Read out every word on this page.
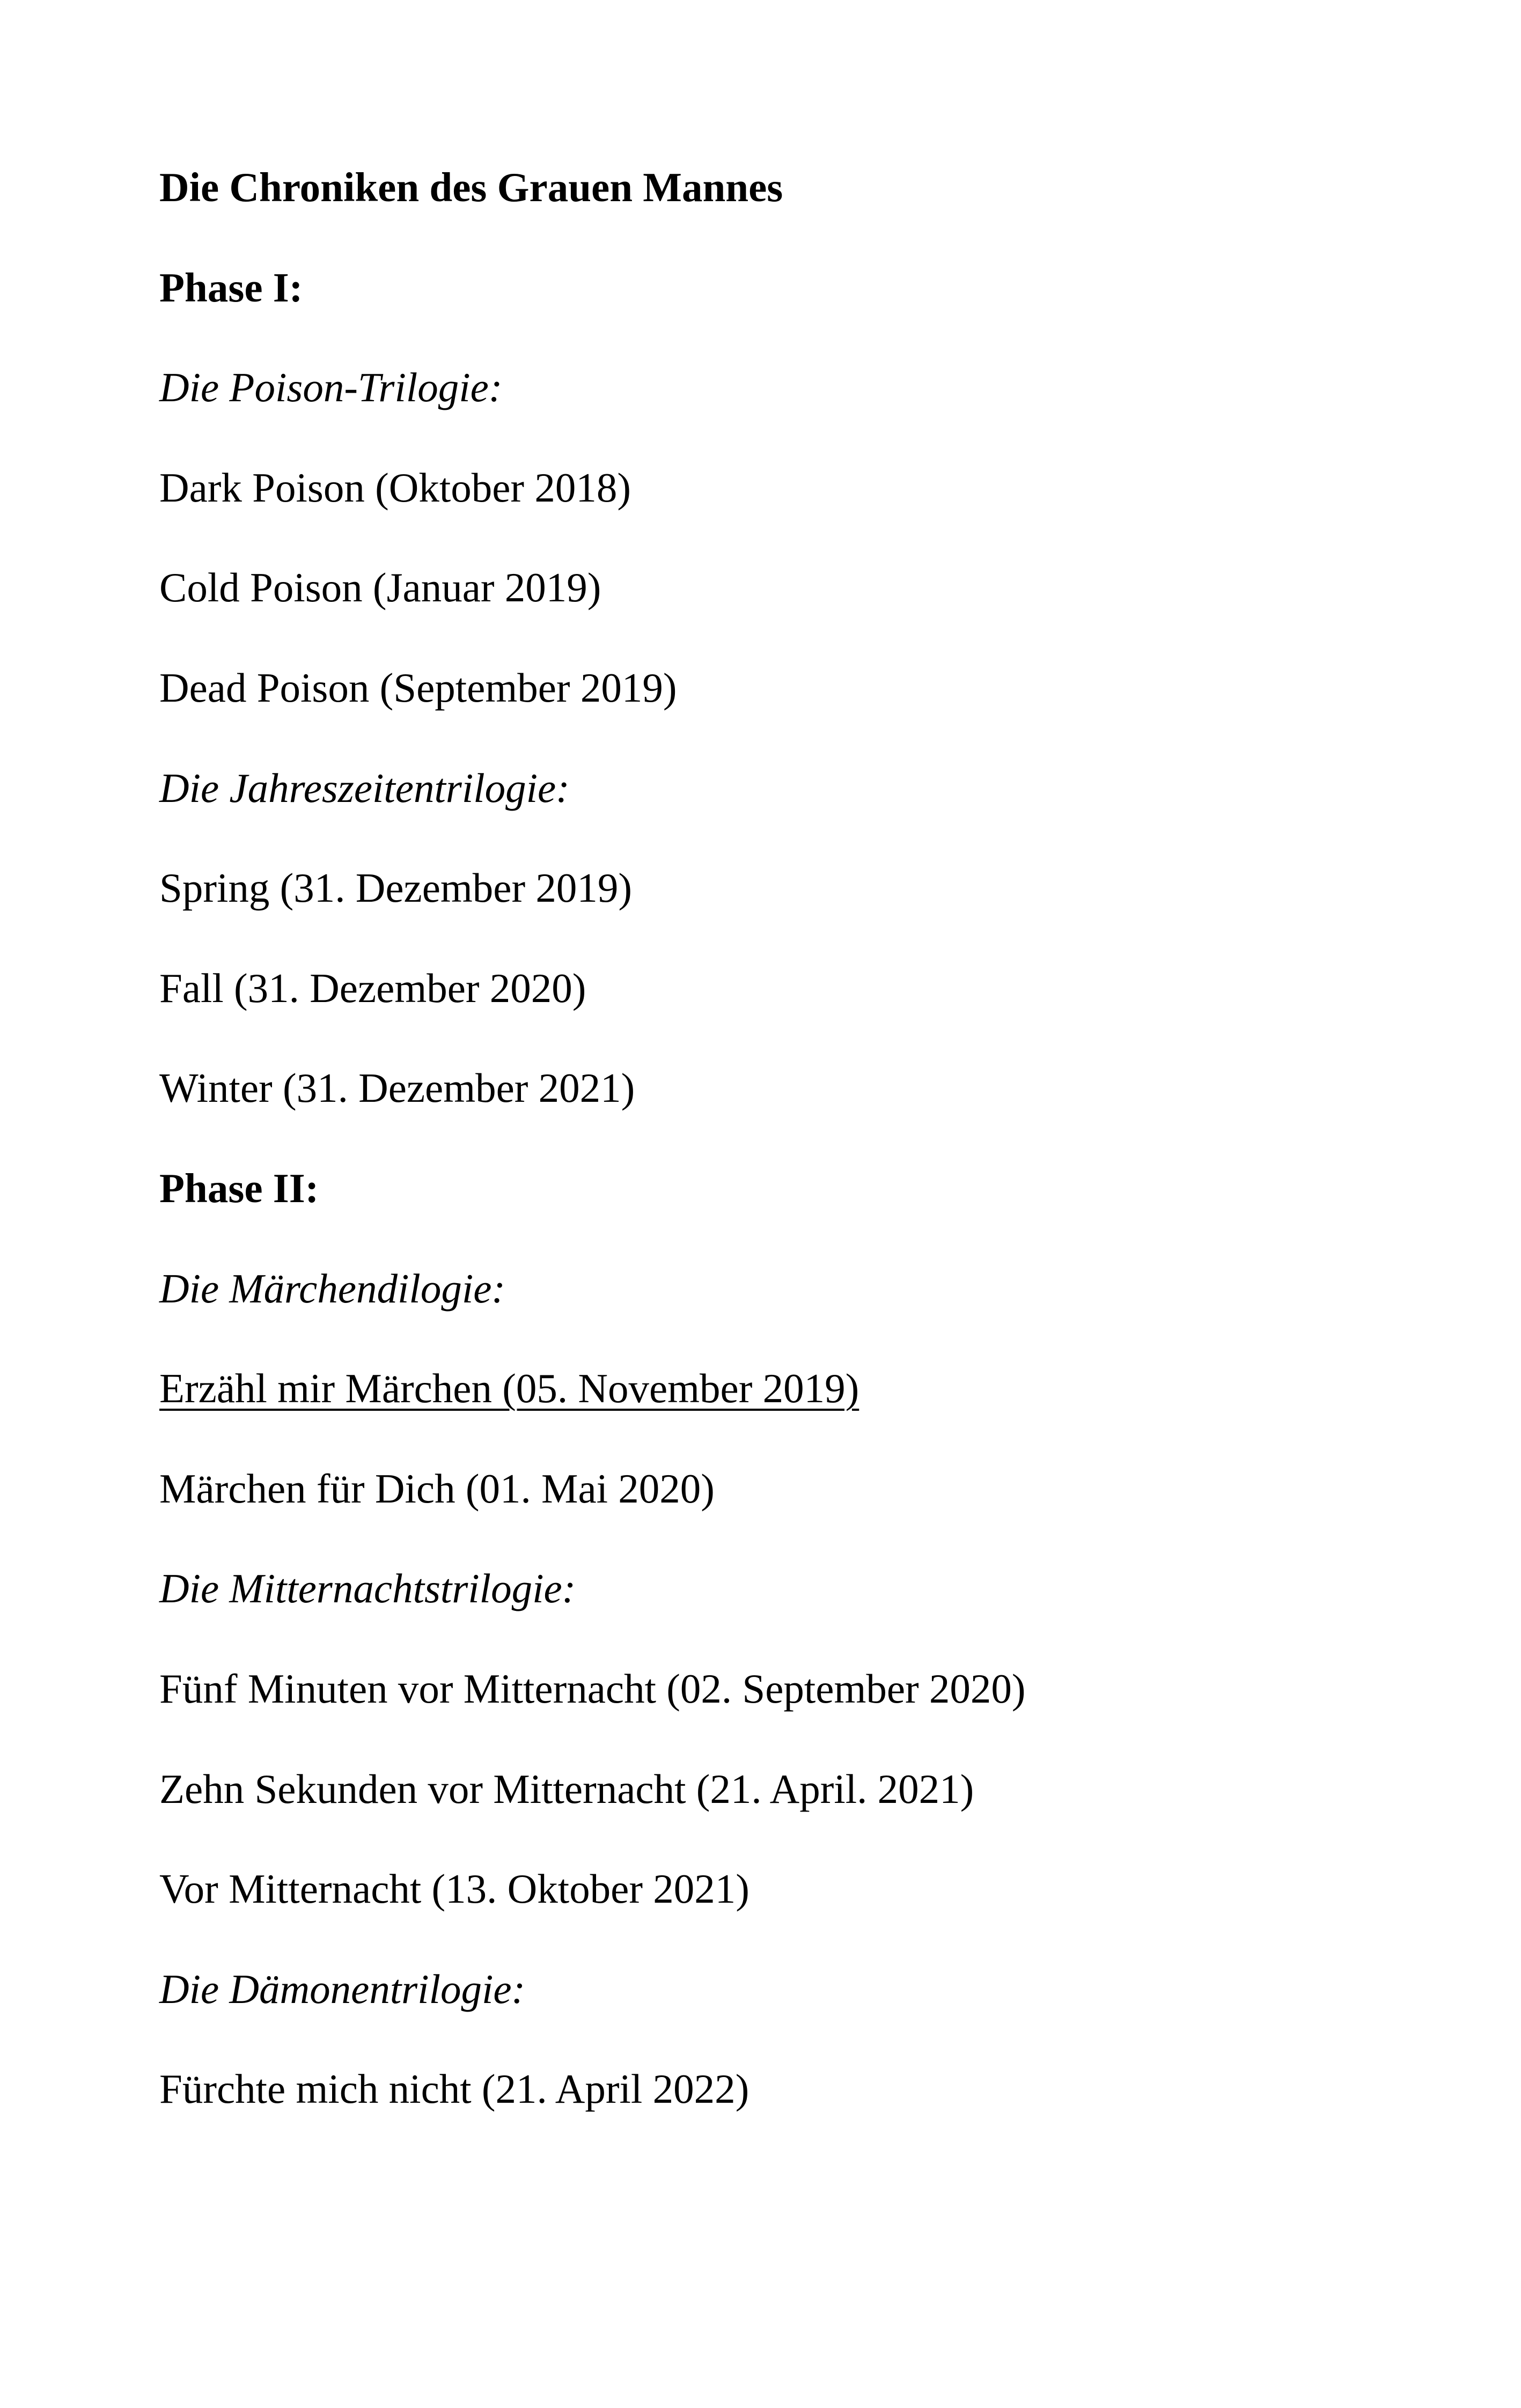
Die Chroniken des Grauen Mannes
Phase I:
Die Poison-Trilogie:
Dark Poison (Oktober 2018)
Cold Poison (Januar 2019)
Dead Poison (September 2019)
Die Jahreszeitentrilogie:
Spring (31. Dezember 2019)
Fall (31. Dezember 2020)
Winter (31. Dezember 2021)
Phase II:
Die Märchendilogie:
Erzähl mir Märchen (05. November 2019)
Märchen für Dich (01. Mai 2020)
Die Mitternachtstrilogie:
Fünf Minuten vor Mitternacht (02. September 2020)
Zehn Sekunden vor Mitternacht (21. April. 2021)
Vor Mitternacht (13. Oktober 2021)
Die Dämonentrilogie:
Fürchte mich nicht (21. April 2022)
